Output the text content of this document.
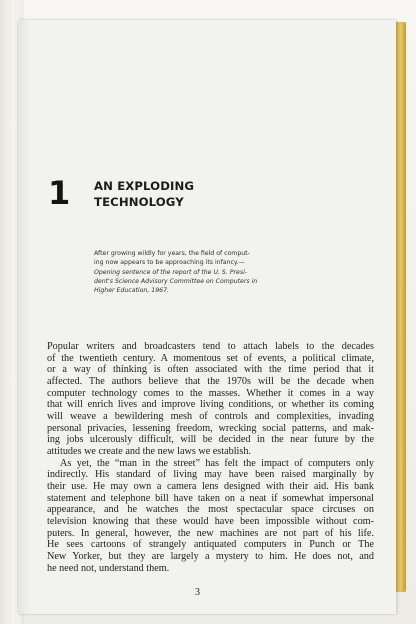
1 AN EXPLODING
TECHNOLOGY
After growing wildly for years, the field of comput-
ing now appears to be approaching its infancy.—
Opening sentence of the report of the U. S. Presi-
dent's Science Advisory Committee on Computers in
Higher Education, 1967.
Popular writers and broadcasters tend to attach labels to the decades
of the twentieth century. A momentous set of events, a political climate,
or a way of thinking is often associated with the time period that it
affected. The authors believe that the 1970s will be the decade when
computer technology comes to the masses. Whether it comes in a way
that will enrich lives and improve living conditions, or whether its coming
will weave a bewildering mesh of controls and complexities, invading
personal privacies, lessening freedom, wrecking social patterns, and mak-
ing jobs ulcerously difficult, will be decided in the near future by the
attitudes we create and the new laws we establish.
As yet, the “man in the street” has felt the impact of computers only
indirectly. His standard of living may have been raised marginally by
their use. He may own a camera lens designed with their aid. His bank
statement and telephone bill have taken on a neat if somewhat impersonal
appearance, and he watches the most spectacular space circuses on
television knowing that these would have been impossible without com-
puters. In general, however, the new machines are not part of his life.
He sees cartoons of strangely antiquated computers in Punch or The
New Yorker, but they are largely a mystery to him. He does not, and
he need not, understand them.
3
